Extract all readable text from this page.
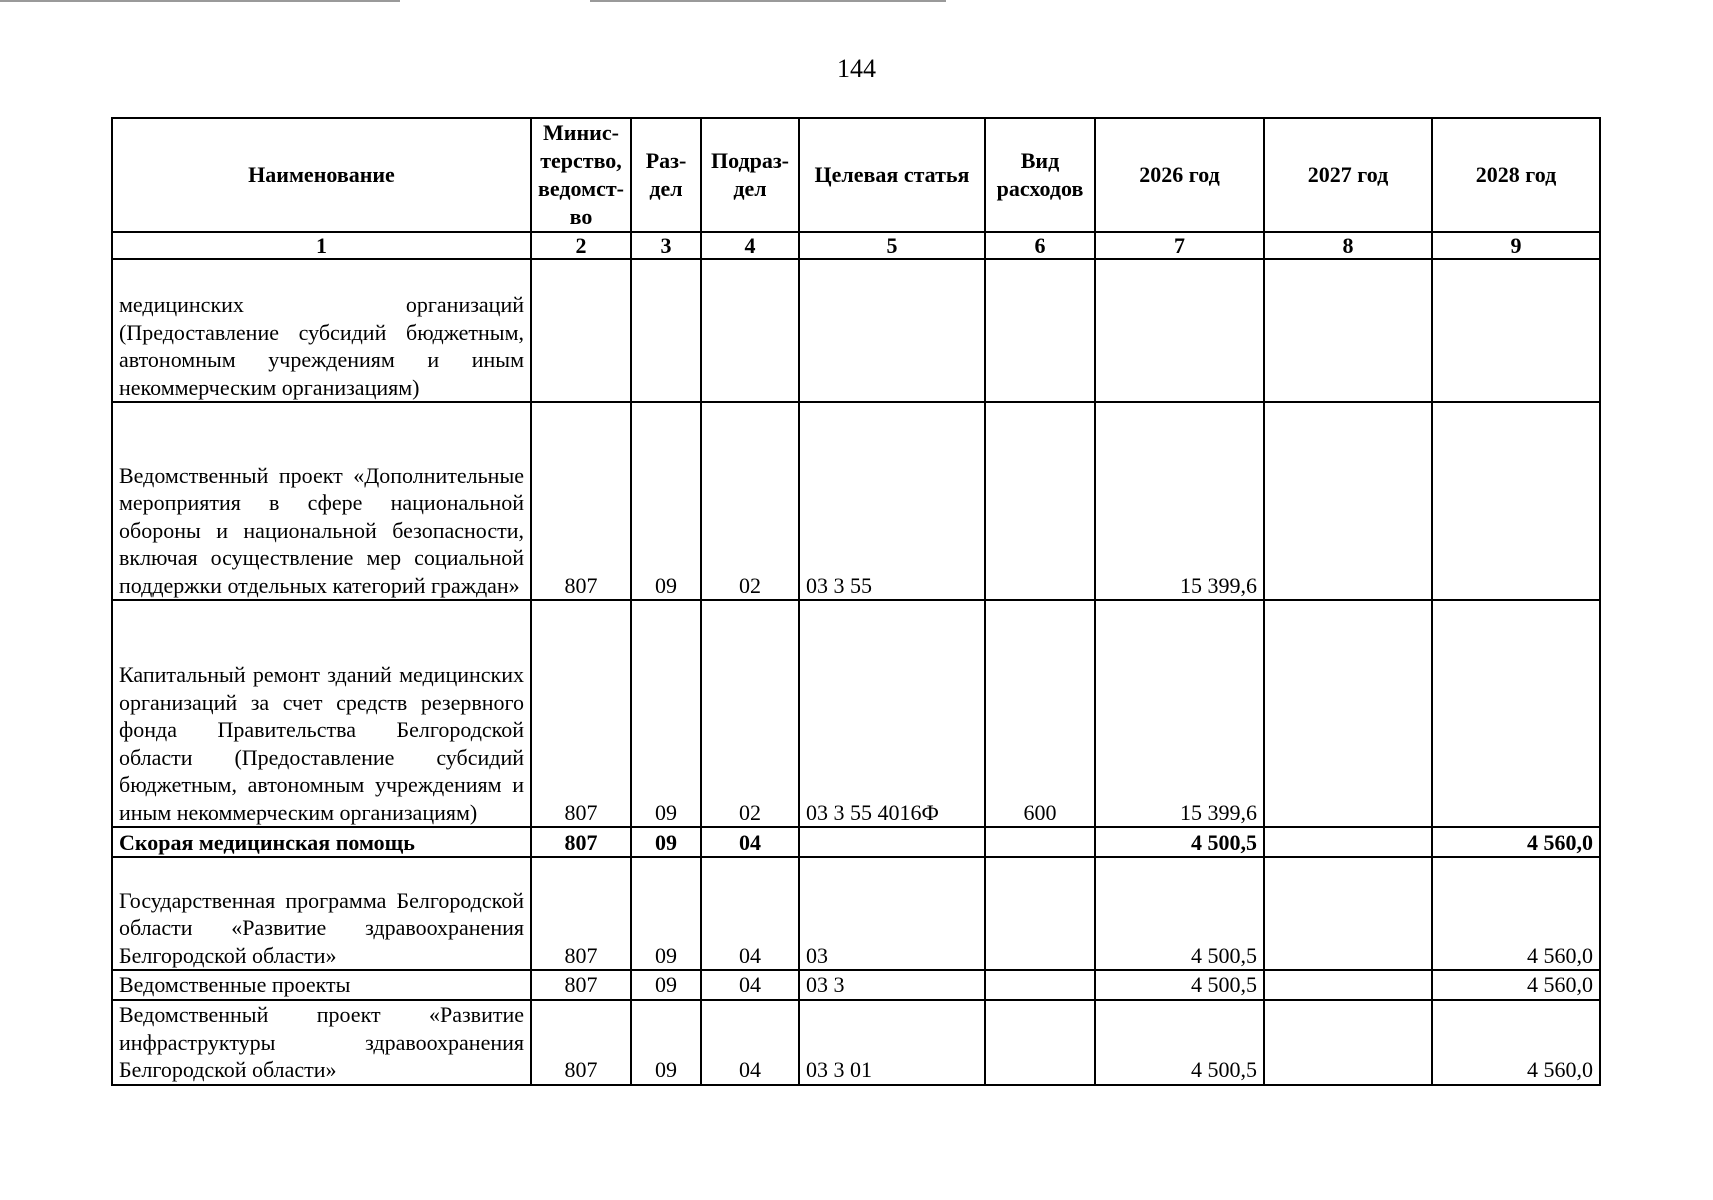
144
Наименование	Минис-терство, ведомст-во	Раз-дел	Подраз-дел	Целевая статья	Вид расходов	2026 год	2027 год	2028 год
1	2	3	4	5	6	7	8	9
медицинских организаций (Предоставление субсидий бюджетным, автономным учреждениям и иным некоммерческим организациям)								
Ведомственный проект «Дополнительные мероприятия в сфере национальной обороны и национальной безопасности, включая осуществление мер социальной поддержки отдельных категорий граждан»	807	09	02	03 3 55		15 399,6		
Капитальный ремонт зданий медицинских организаций за счет средств резервного фонда Правительства Белгородской области (Предоставление субсидий бюджетным, автономным учреждениям и иным некоммерческим организациям)	807	09	02	03 3 55 4016Ф	600	15 399,6		
Скорая медицинская помощь	807	09	04			4 500,5		4 560,0
Государственная программа Белгородской области «Развитие здравоохранения Белгородской области»	807	09	04	03		4 500,5		4 560,0
Ведомственные проекты	807	09	04	03 3		4 500,5		4 560,0
Ведомственный проект «Развитие инфраструктуры здравоохранения Белгородской области»	807	09	04	03 3 01		4 500,5		4 560,0
